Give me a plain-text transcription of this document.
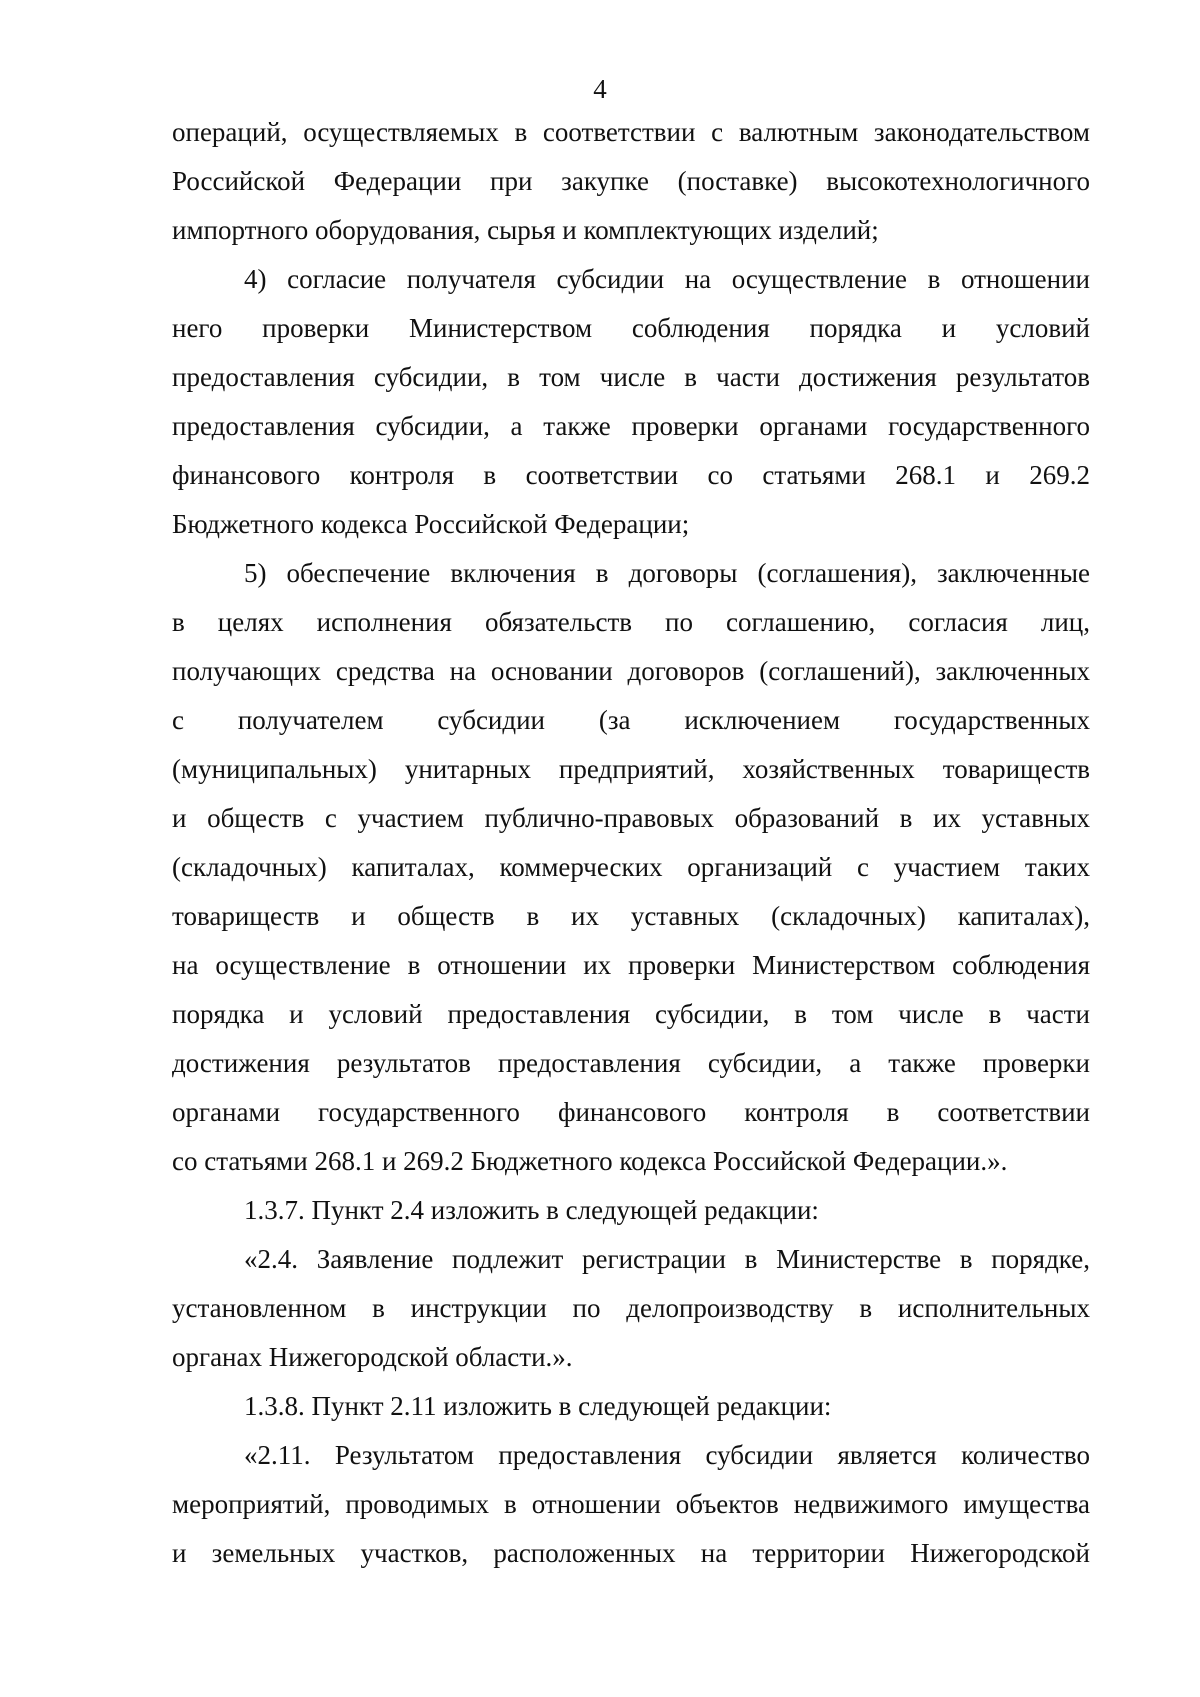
4
операций, осуществляемых в соответствии с валютным законодательством
Российской Федерации при закупке (поставке) высокотехнологичного
импортного оборудования, сырья и комплектующих изделий;
4) согласие получателя субсидии на осуществление в отношении
него проверки Министерством соблюдения порядка и условий
предоставления субсидии, в том числе в части достижения результатов
предоставления субсидии, а также проверки органами государственного
финансового контроля в соответствии со статьями 268.1 и 269.2
Бюджетного кодекса Российской Федерации;
5) обеспечение включения в договоры (соглашения), заключенные
в целях исполнения обязательств по соглашению, согласия лиц,
получающих средства на основании договоров (соглашений), заключенных
с получателем субсидии (за исключением государственных
(муниципальных) унитарных предприятий, хозяйственных товариществ
и обществ с участием публично-правовых образований в их уставных
(складочных) капиталах, коммерческих организаций с участием таких
товариществ и обществ в их уставных (складочных) капиталах),
на осуществление в отношении их проверки Министерством соблюдения
порядка и условий предоставления субсидии, в том числе в части
достижения результатов предоставления субсидии, а также проверки
органами государственного финансового контроля в соответствии
со статьями 268.1 и 269.2 Бюджетного кодекса Российской Федерации.».
1.3.7. Пункт 2.4 изложить в следующей редакции:
«2.4. Заявление подлежит регистрации в Министерстве в порядке,
установленном в инструкции по делопроизводству в исполнительных
органах Нижегородской области.».
1.3.8. Пункт 2.11 изложить в следующей редакции:
«2.11. Результатом предоставления субсидии является количество
мероприятий, проводимых в отношении объектов недвижимого имущества
и земельных участков, расположенных на территории Нижегородской
